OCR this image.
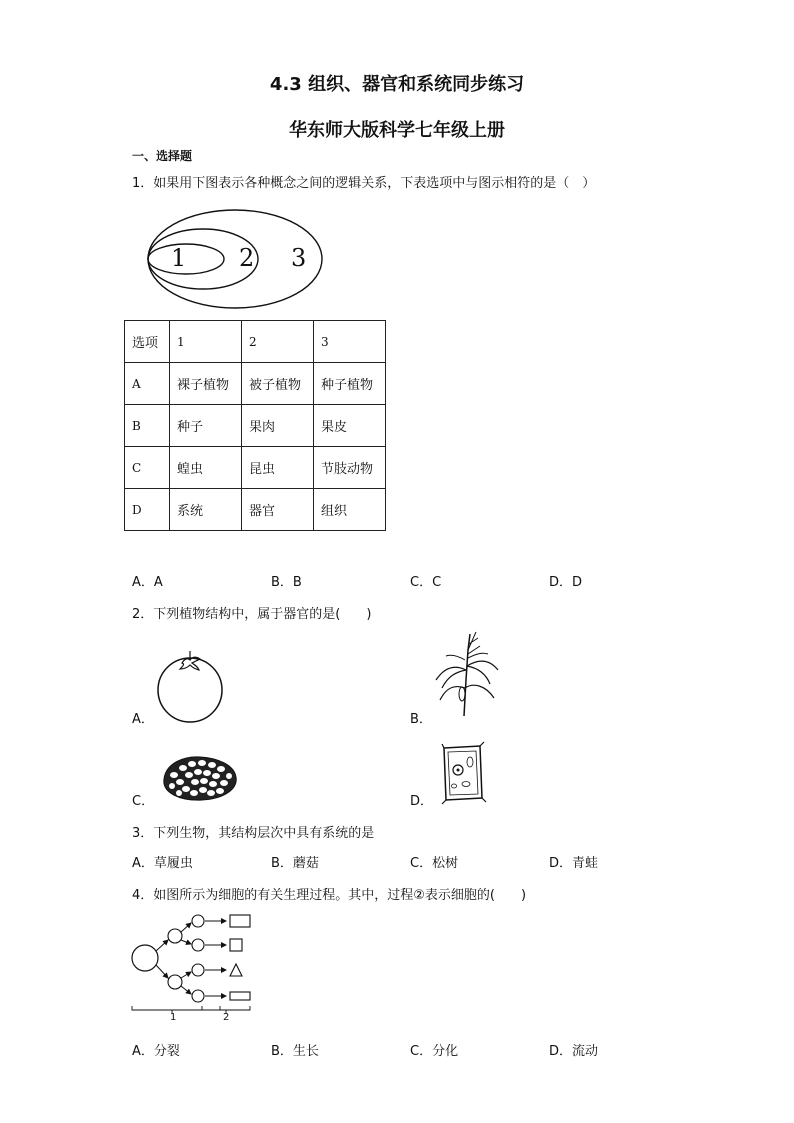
4.3 组织、器官和系统同步练习
华东师大版科学七年级上册
一、选择题
1．如果用下图表示各种概念之间的逻辑关系，下表选项中与图示相符的是（　）
1 2 3
选项	1	2	3
A	裸子植物	被子植物	种子植物
B	种子	果肉	果皮
C	蝗虫	昆虫	节肢动物
D	系统	器官	组织
A．A	B．B	C．C	D．D
2．下列植物结构中，属于器官的是(　　)
A．	B．
C．	D．
3．下列生物，其结构层次中具有系统的是
A．草履虫	B．蘑菇	C．松树	D．青蛙
4．如图所示为细胞的有关生理过程。其中，过程②表示细胞的(　　)
1	2
A．分裂	B．生长	C．分化	D．流动
